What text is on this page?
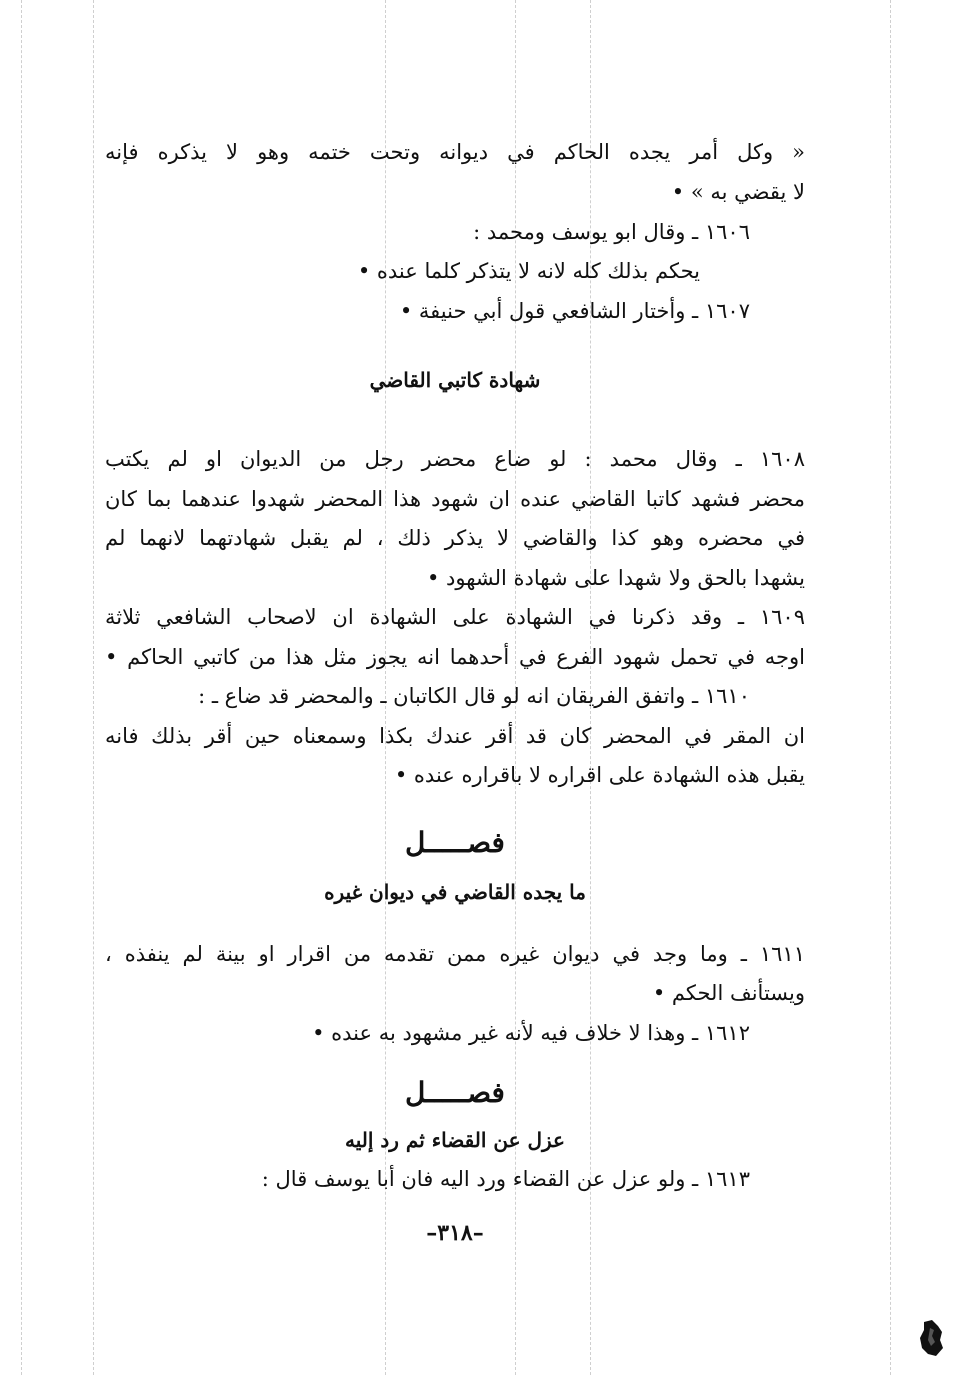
« وكل أمر يجده الحاكم في ديوانه وتحت ختمه وهو لا يذكره فإنه
لا يقضي به » •
١٦٠٦ ـ وقال ابو يوسف ومحمد :
يحكم بذلك كله لانه لا يتذكر كلما عنده •
١٦٠٧ ـ وأختار الشافعي قول أبي حنيفة •
شهادة كاتبي القاضي
١٦٠٨ ـ وقال محمد : لو ضاع محضر رجل من الديوان او لم يكتب
محضر فشهد كاتبا القاضي عنده ان شهود هذا المحضر شهدوا عندهما بما كان
في محضره وهو كذا والقاضي لا يذكر ذلك ، لم يقبل شهادتهما لانهما لم
يشهدا بالحق ولا شهدا على شهادة الشهود •
١٦٠٩ ـ وقد ذكرنا في الشهادة على الشهادة ان لاصحاب الشافعي ثلاثة
اوجه في تحمل شهود الفرع في أحدهما انه يجوز مثل هذا من كاتبي الحاكم •
١٦١٠ ـ واتفق الفريقان انه لو قال الكاتبان ـ والمحضر قد ضاع ـ :
ان المقر في المحضر كان قد أقر عندك بكذا وسمعناه حين أقر بذلك فانه
يقبل هذه الشهادة على اقراره لا باقراره عنده •
فصـــــل
ما يجده القاضي في ديوان غيره
١٦١١ ـ وما وجد في ديوان غيره ممن تقدمه من اقرار او بينة لم ينفذه ،
ويستأنف الحكم •
١٦١٢ ـ وهذا لا خلاف فيه لأنه غير مشهود به عنده •
فصـــــل
عزل عن القضاء ثم رد إليه
١٦١٣ ـ ولو عزل عن القضاء ورد اليه فان أبا يوسف قال :
–٣١٨–
